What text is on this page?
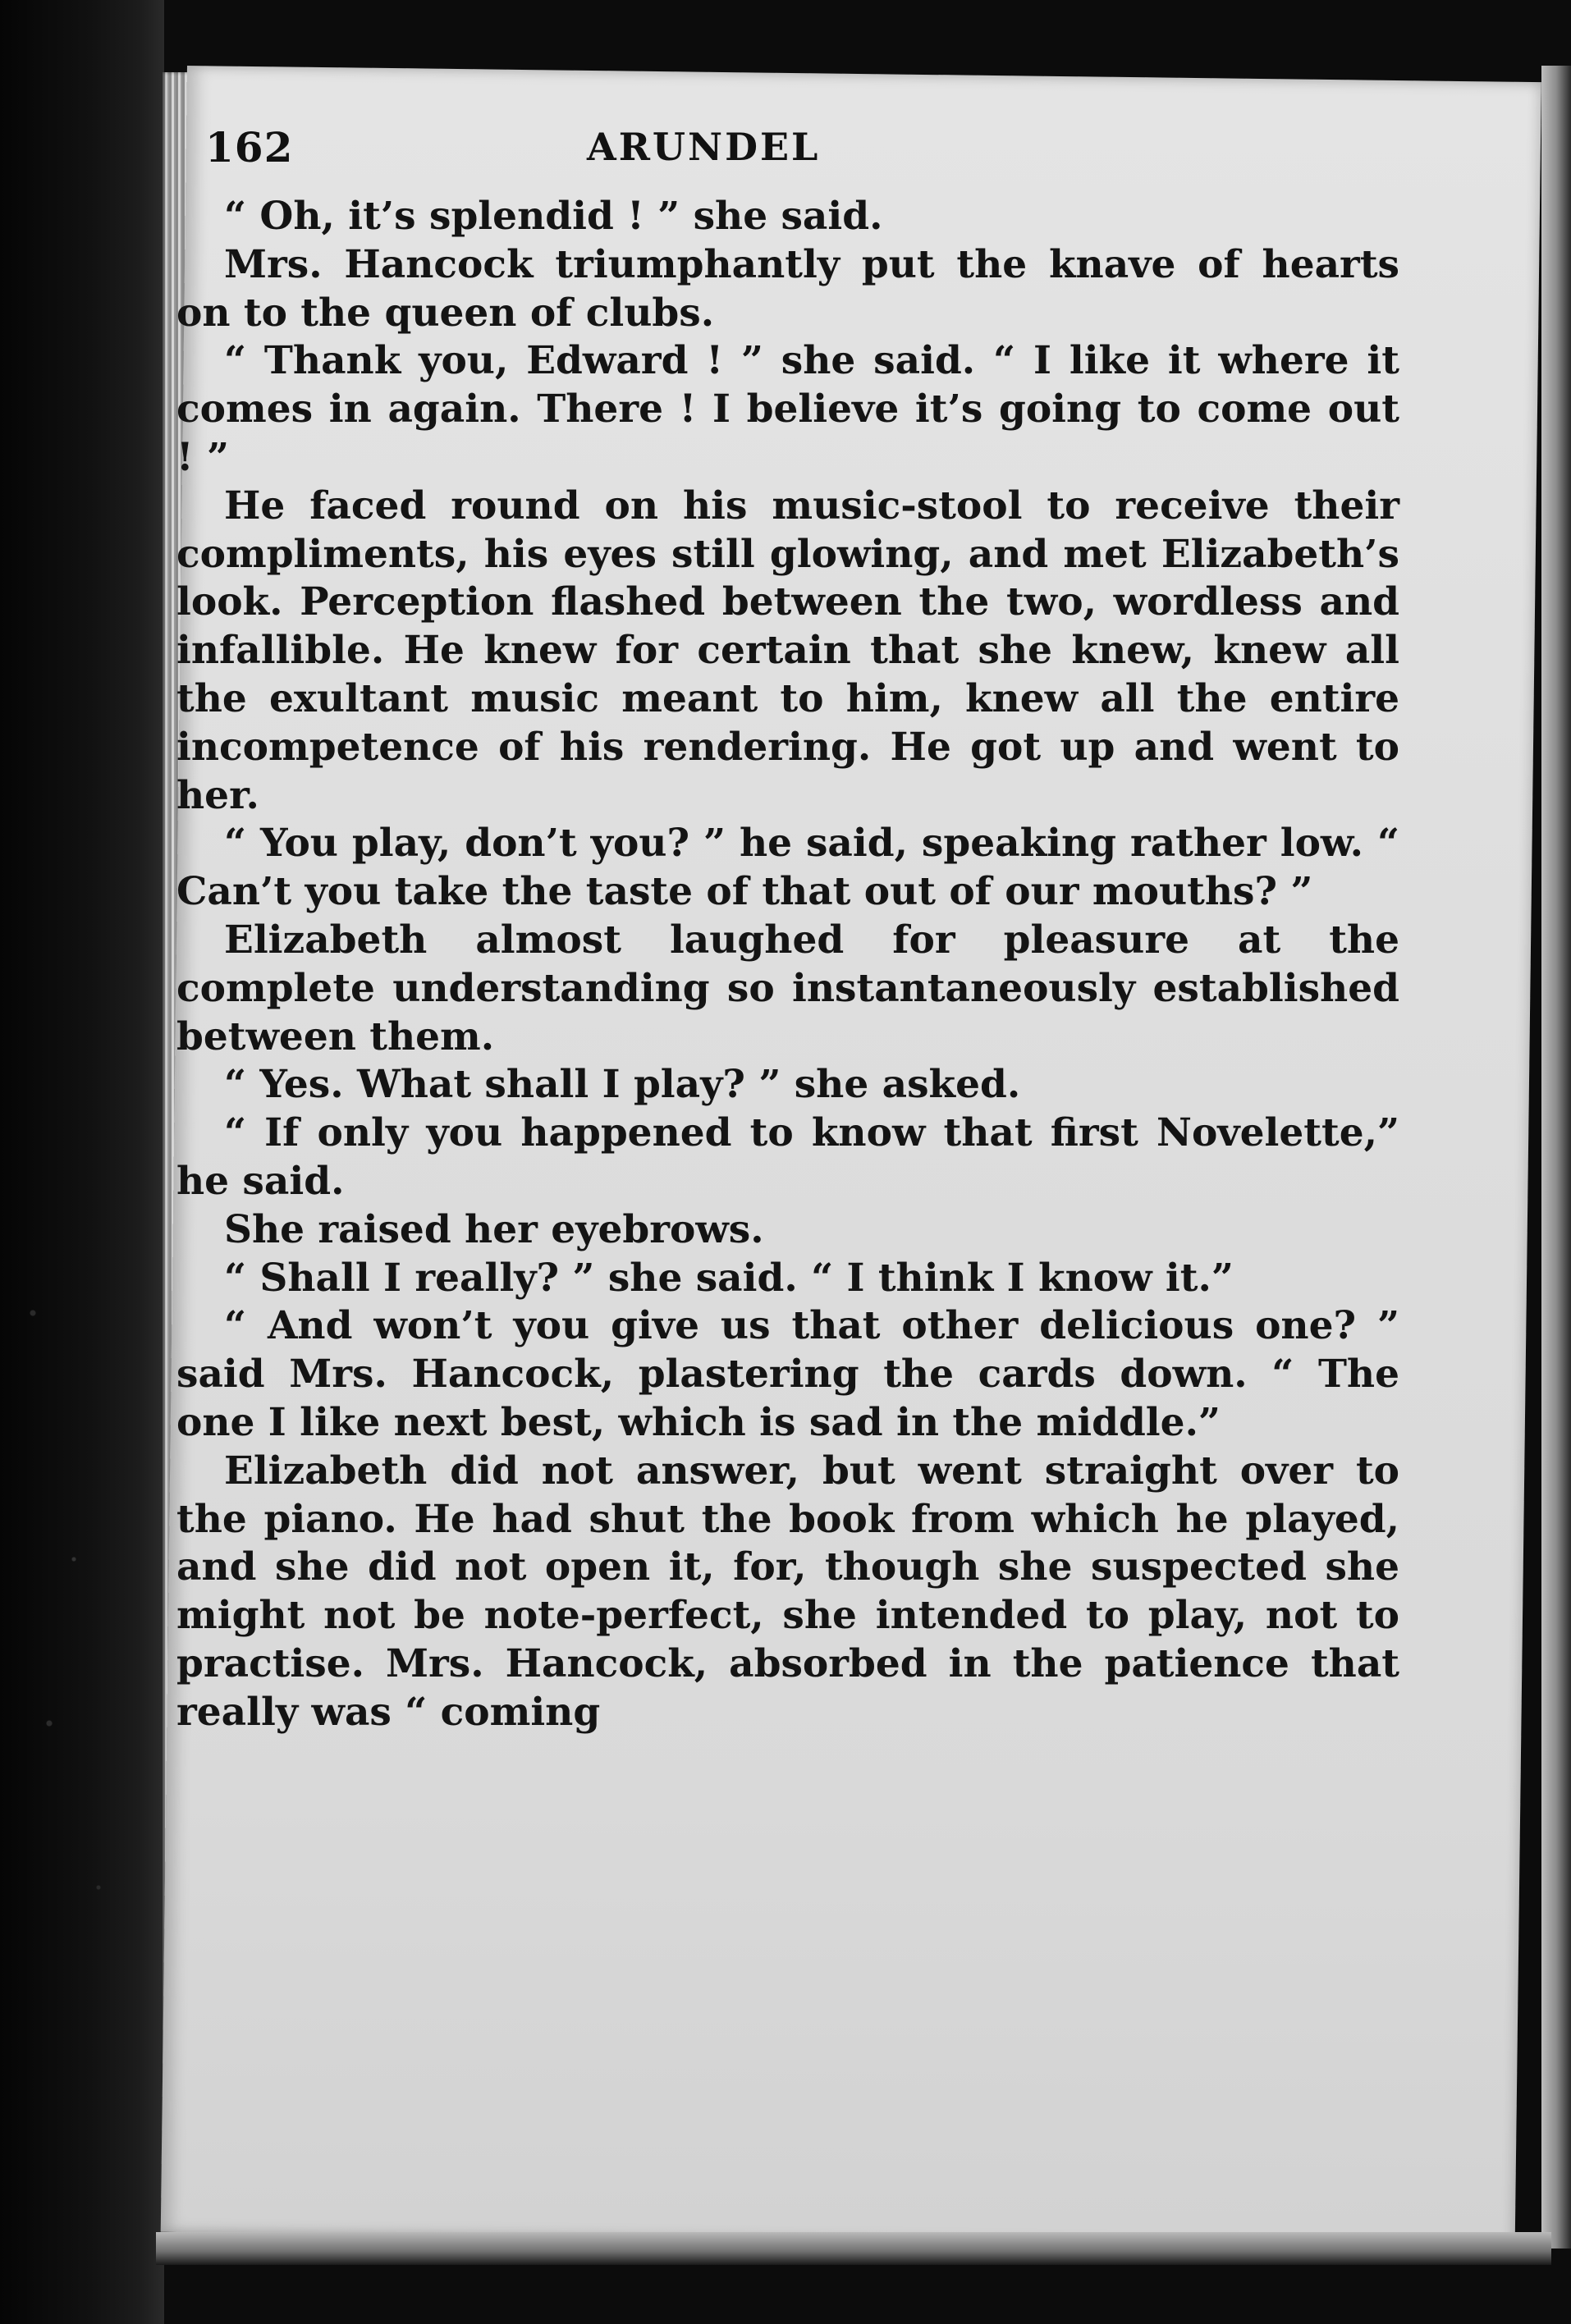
162	ARUNDEL

“ Oh, it’s splendid ! ” she said.

Mrs. Hancock triumphantly put the knave of hearts on to the queen of clubs.

“ Thank you, Edward ! ” she said. “ I like it where it comes in again. There ! I believe it’s going to come out ! ”

He faced round on his music-stool to receive their compliments, his eyes still glowing, and met Elizabeth’s look. Perception flashed between the two, wordless and infallible. He knew for certain that she knew, knew all the exultant music meant to him, knew all the entire incompetence of his rendering. He got up and went to her.

“ You play, don’t you? ” he said, speaking rather low. “ Can’t you take the taste of that out of our mouths? ”

Elizabeth almost laughed for pleasure at the complete understanding so instantaneously established between them.

“ Yes. What shall I play? ” she asked.

“ If only you happened to know that first Novelette,” he said.

She raised her eyebrows.

“ Shall I really? ” she said. “ I think I know it.”

“ And won’t you give us that other delicious one? ” said Mrs. Hancock, plastering the cards down. “ The one I like next best, which is sad in the middle.”

Elizabeth did not answer, but went straight over to the piano. He had shut the book from which he played, and she did not open it, for, though she suspected she might not be note-perfect, she intended to play, not to practise. Mrs. Hancock, absorbed in the patience that really was “ coming
